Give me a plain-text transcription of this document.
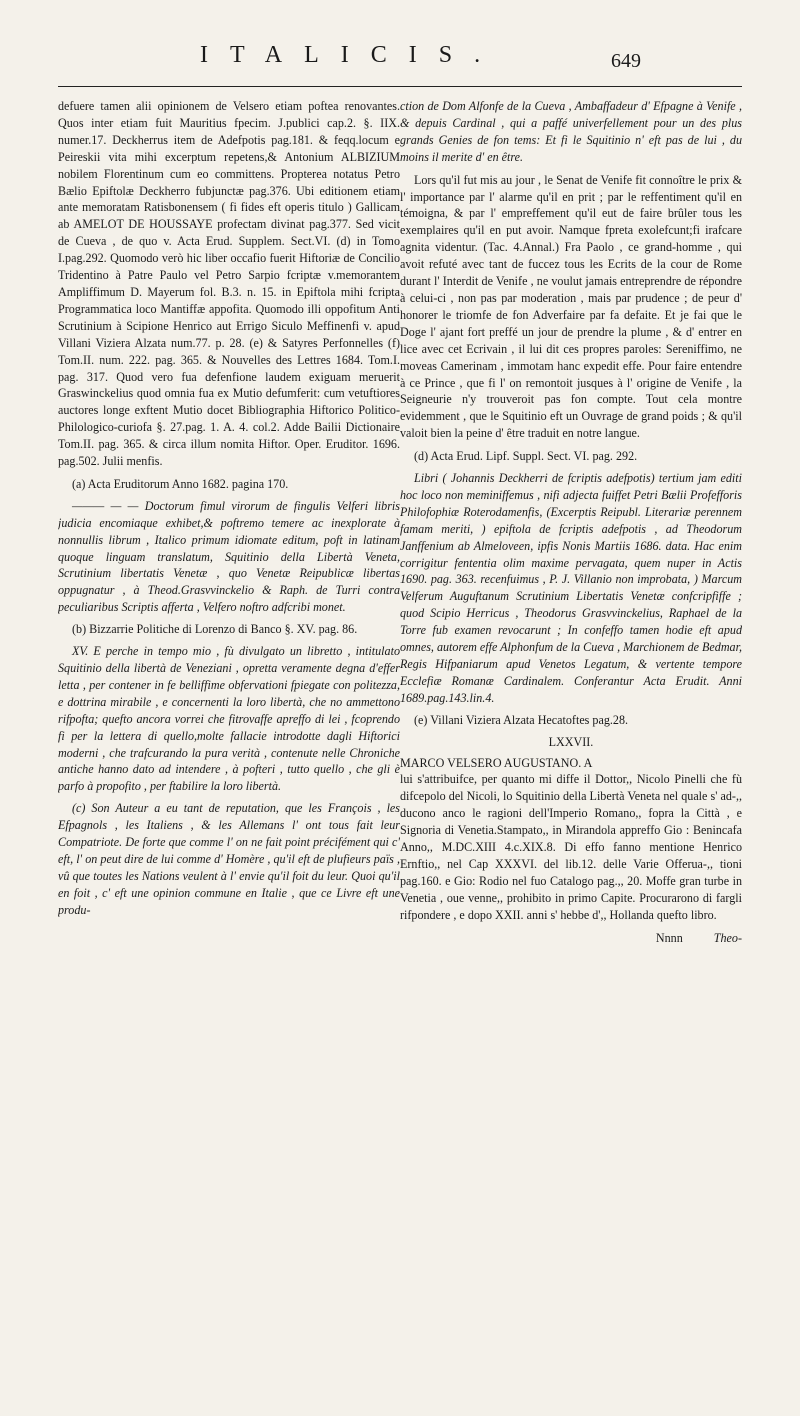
ITALICIS.	649

defuere tamen alii opinionem de Velsero etiam poftea renovantes. Quos inter etiam fuit Mauritius fpecim. J.publici cap.2. §. IIX. numer.17. Deckherrus item de Adefpotis pag.181. & feqq.locum e Peireskii vita mihi excerptum repetens,& Antonium ALBIZIUM nobilem Florentinum cum eo committens. Propterea notatus Petro Bælio Epiftolæ Deckherro fubjunctæ pag.376. Ubi editionem etiam ante memoratam Ratisbonensem ( fi fides eft operis titulo ) Gallicam ab AMELOT DE HOUSSAYE profectam divinat pag.377. Sed vicit de Cueva , de quo v. Acta Erud. Supplem. Sect.VI. (d) in Tomo I.pag.292. Quomodo verò hic liber occafio fuerit Hiftoriæ de Concilio Tridentino à Patre Paulo vel Petro Sarpio fcriptæ v.memorantem Ampliffimum D. Mayerum fol. B.3. n. 15. in Epiftola mihi fcripta Programmatica loco Mantiffæ appofita. Quomodo illi oppofitum Anti Scrutinium à Scipione Henrico aut Errigo Siculo Meffinenfi v. apud Villani Viziera Alzata num.77. p. 28. (e) & Satyres Perfonnelles (f) Tom.II. num. 222. pag. 365. & Nouvelles des Lettres 1684. Tom.I. pag. 317. Quod vero fua defenfione laudem exiguam meruerit Graswinckelius quod omnia fua ex Mutio defumferit: cum vetuftiores auctores longe exftent Mutio docet Bibliographia Hiftorico Politico-Philologico-curiofa §. 27.pag. 1. A. 4. col.2. Adde Bailii Dictionaire Tom.II. pag. 365. & circa illum nomita Hiftor. Oper. Eruditor. 1696. pag.502. Julii menfis.

(a) Acta Eruditorum Anno 1682. pagina 170.

——— — — Doctorum fimul virorum de fingulis Velferi libris judicia encomiaque exhibet,& poftremo temere ac inexplorate à nonnullis librum , Italico primum idiomate editum, poft in latinam quoque linguam translatum, Squitinio della Libertà Veneta, Scrutinium libertatis Venetæ , quo Venetæ Reipublicæ libertas oppugnatur , à Theod.Grasvvinckelio & Raph. de Turri contra peculiaribus Scriptis afferta , Velfero noftro adfcribi monet.

(b) Bizzarrie Politiche di Lorenzo di Banco §. XV. pag. 86.

XV. E perche in tempo mio , fù divulgato un libretto , intitulato Squitinio della libertà de Veneziani , opretta veramente degna d'effer letta , per contener in fe belliffime obfervationi fpiegate con politezza, e dottrina mirabile , e concernenti la loro libertà, che no ammettono rifpofta; quefto ancora vorrei che fitrovaffe apreffo di lei , fcoprendo fi per la lettera di quello,molte fallacie introdotte dagli Hiftorici moderni , che trafcurando la pura verità , contenute nelle Chroniche antiche hanno dato ad intendere , à pofteri , tutto quello , che gli è parfo à propofito , per ftabilire la loro libertà.

(c) Son Auteur a eu tant de reputation, que les François , les Efpagnols , les Italiens , & les Allemans l' ont tous fait leur Compatriote. De forte que comme l' on ne fait point précifément qui c' eft, l' on peut dire de lui comme d' Homère , qu'il eft de plufieurs païs , vû que toutes les Nations veulent à l' envie qu'il foit du leur. Quoi qu'il en foit , c' eft une opinion commune en Italie , que ce Livre eft une produ-

ction de Dom Alfonfe de la Cueva , Ambaffadeur d' Efpagne à Venife , & depuis Cardinal , qui a paffé univerfellement pour un des plus grands Genies de fon tems: Et fi le Squitinio n' eft pas de lui , du moins il merite d' en être.

Lors qu'il fut mis au jour , le Senat de Venife fit connoître le prix & l' importance par l' alarme qu'il en prit ; par le reffentiment qu'il en témoigna, & par l' empreffement qu'il eut de faire brûler tous les exemplaires qu'il en put avoir. Namque fpreta exolefcunt;fi irafcare agnita videntur. (Tac. 4.Annal.) Fra Paolo , ce grand-homme , qui avoit refuté avec tant de fuccez tous les Ecrits de la cour de Rome durant l' Interdit de Venife , ne voulut jamais entreprendre de répondre à celui-ci , non pas par moderation , mais par prudence ; de peur d' honorer le triomfe de fon Adverfaire par fa defaite. Et je fai que le Doge l' ajant fort preffé un jour de prendre la plume , & d' entrer en lice avec cet Ecrivain , il lui dit ces propres paroles: Sereniffimo, ne moveas Camerinam , immotam hanc expedit effe. Pour faire entendre à ce Prince , que fi l' on remontoit jusques à l' origine de Venife , la Seigneurie n'y trouveroit pas fon compte. Tout cela montre evidemment , que le Squitinio eft un Ouvrage de grand poids ; & qu'il valoit bien la peine d' être traduit en notre langue.

(d) Acta Erud. Lipf. Suppl. Sect. VI. pag. 292.

Libri ( Johannis Deckherri de fcriptis adefpotis) tertium jam editi hoc loco non meminiffemus , nifi adjecta fuiffet Petri Bælii Profefforis Philofophiæ Roterodamenfis, (Excerptis Reipubl. Literariæ perennem famam meriti, ) epiftola de fcriptis adefpotis , ad Theodorum Janffenium ab Almeloveen, ipfis Nonis Martiis 1686. data. Hac enim corrigitur fententia olim maxime pervagata, quem nuper in Actis 1690. pag. 363. recenfuimus , P. J. Villanio non improbata, ) Marcum Velferum Auguftanum Scrutinium Libertatis Venetæ confcripfiffe ; quod Scipio Herricus , Theodorus Grasvvinckelius, Raphael de la Torre fub examen revocarunt ; In confeffo tamen hodie eft apud omnes, autorem effe Alphonfum de la Cueva , Marchionem de Bedmar, Regis Hifpaniarum apud Venetos Legatum, & vertente tempore Ecclefiæ Romanæ Cardinalem. Conferantur Acta Erudit. Anni 1689.pag.143.lin.4.

(e) Villani Viziera Alzata Hecatoftes pag.28.

LXXVII.

MARCO VELSERO AUGUSTANO. A

lui s'attribuifce, per quanto mi diffe il Dottor,, Nicolo Pinelli che fù difcepolo del Nicoli, lo Squitinio della Libertà Veneta nel quale s' ad-,, ducono anco le ragioni dell'Imperio Romano,, fopra la Città , e Signoria di Venetia.Stampato,, in Mirandola appreffo Gio : Benincafa Anno,, M.DC.XIII 4.c.XIX.8. Di effo fanno mentione Henrico Ernftio,, nel Cap XXXVI. del lib.12. delle Varie Offerua-,, tioni pag.160. e Gio: Rodio nel fuo Catalogo pag.,, 20. Moffe gran turbe in Venetia , oue venne,, prohibito in primo Capite. Procurarono di fargli rifpondere , e dopo XXII. anni s' hebbe d',, Hollanda quefto libro.

Nnnn	Theo-
